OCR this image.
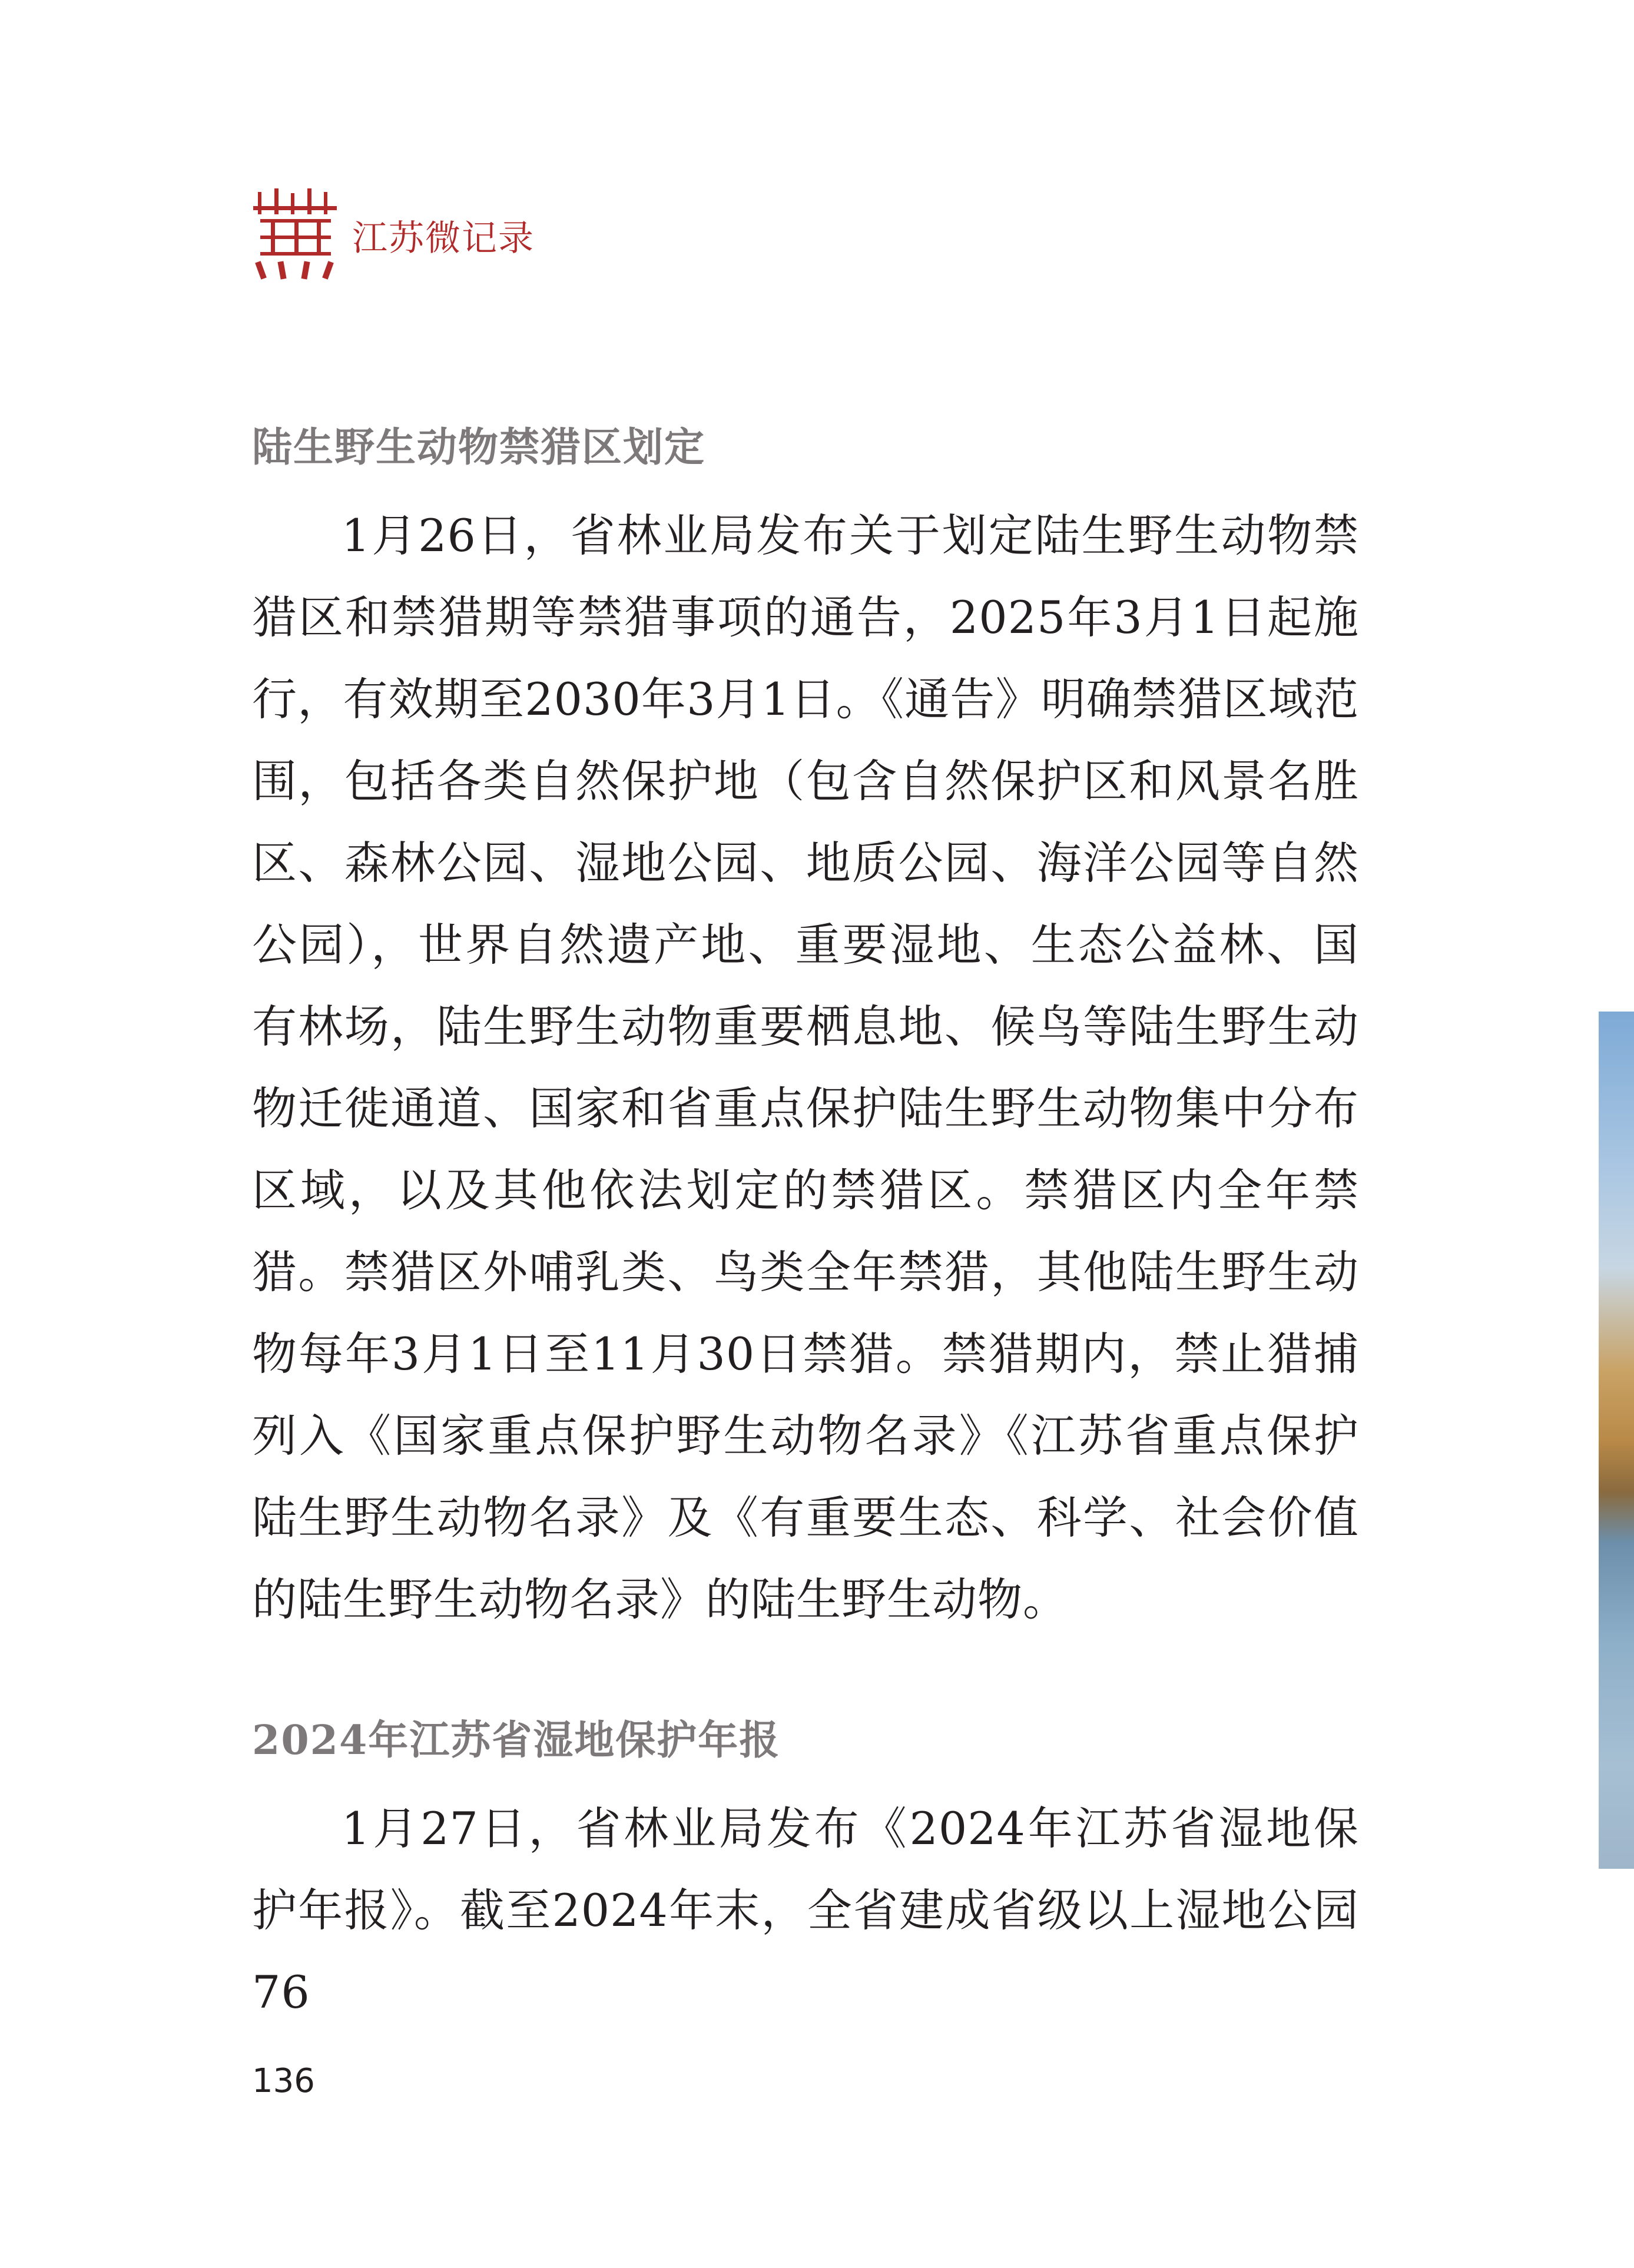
江苏微记录
陆生野生动物禁猎区划定

1月26日，省林业局发布关于划定陆生野生动物禁猎区和禁猎期等禁猎事项的通告，2025年3月1日起施行，有效期至2030年3月1日。《通告》明确禁猎区域范围，包括各类自然保护地（包含自然保护区和风景名胜区、森林公园、湿地公园、地质公园、海洋公园等自然公园），世界自然遗产地、重要湿地、生态公益林、国有林场，陆生野生动物重要栖息地、候鸟等陆生野生动物迁徙通道、国家和省重点保护陆生野生动物集中分布区域，以及其他依法划定的禁猎区。禁猎区内全年禁猎。禁猎区外哺乳类、鸟类全年禁猎，其他陆生野生动物每年3月1日至11月30日禁猎。禁猎期内，禁止猎捕列入《国家重点保护野生动物名录》《江苏省重点保护陆生野生动物名录》及《有重要生态、科学、社会价值的陆生野生动物名录》的陆生野生动物。

2024年江苏省湿地保护年报

1月27日，省林业局发布《2024年江苏省湿地保护年报》。截至2024年末，全省建成省级以上湿地公园76

136
